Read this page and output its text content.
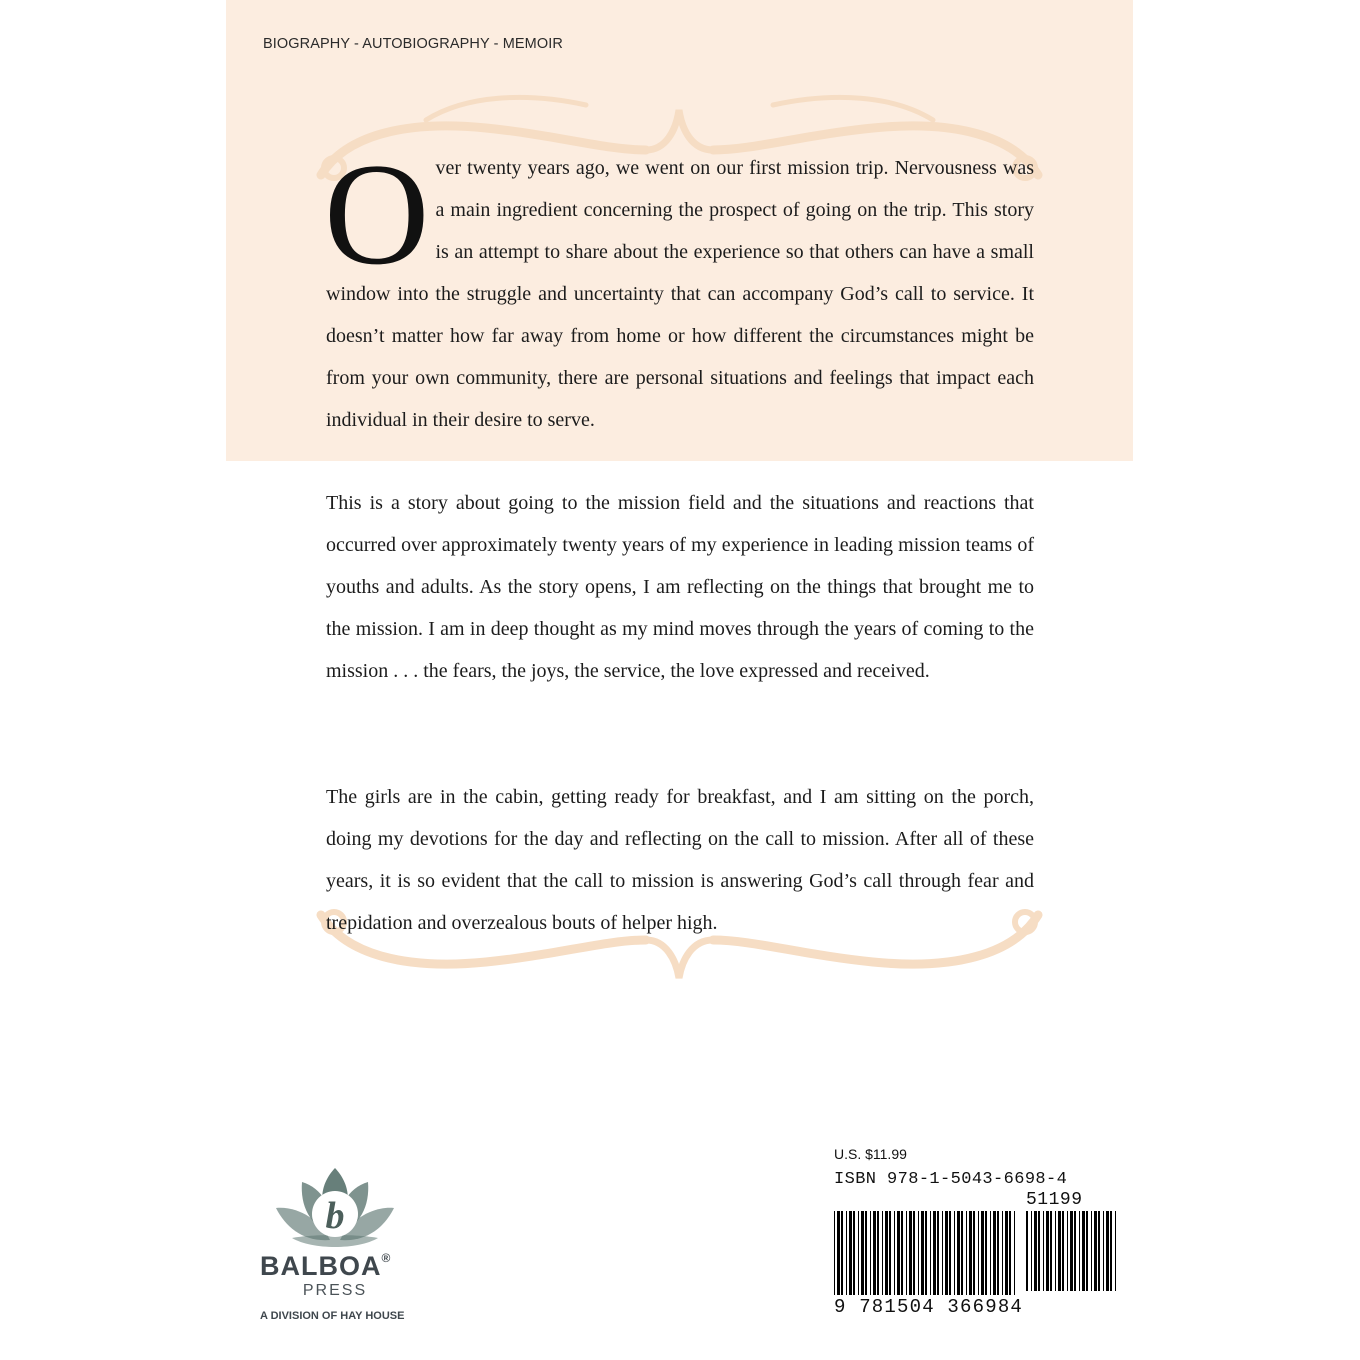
BIOGRAPHY - AUTOBIOGRAPHY - MEMOIR

Over twenty years ago, we went on our first mission trip. Nervousness was a main ingredient concerning the prospect of going on the trip. This story is an attempt to share about the experience so that others can have a small window into the struggle and uncertainty that can accompany God’s call to service. It doesn’t matter how far away from home or how different the circumstances might be from your own community, there are personal situations and feelings that impact each individual in their desire to serve.

This is a story about going to the mission field and the situations and reactions that occurred over approximately twenty years of my experience in leading mission teams of youths and adults. As the story opens, I am reflecting on the things that brought me to the mission. I am in deep thought as my mind moves through the years of coming to the mission . . . the fears, the joys, the service, the love expressed and received.

The girls are in the cabin, getting ready for breakfast, and I am sitting on the porch, doing my devotions for the day and reflecting on the call to mission. After all of these years, it is so evident that the call to mission is answering God’s call through fear and trepidation and overzealous bouts of helper high.

b
BALBOA®
PRESS
A DIVISION OF HAY HOUSE
U.S. $11.99
ISBN 978-1-5043-6698-4
51199
9 781504 366984
